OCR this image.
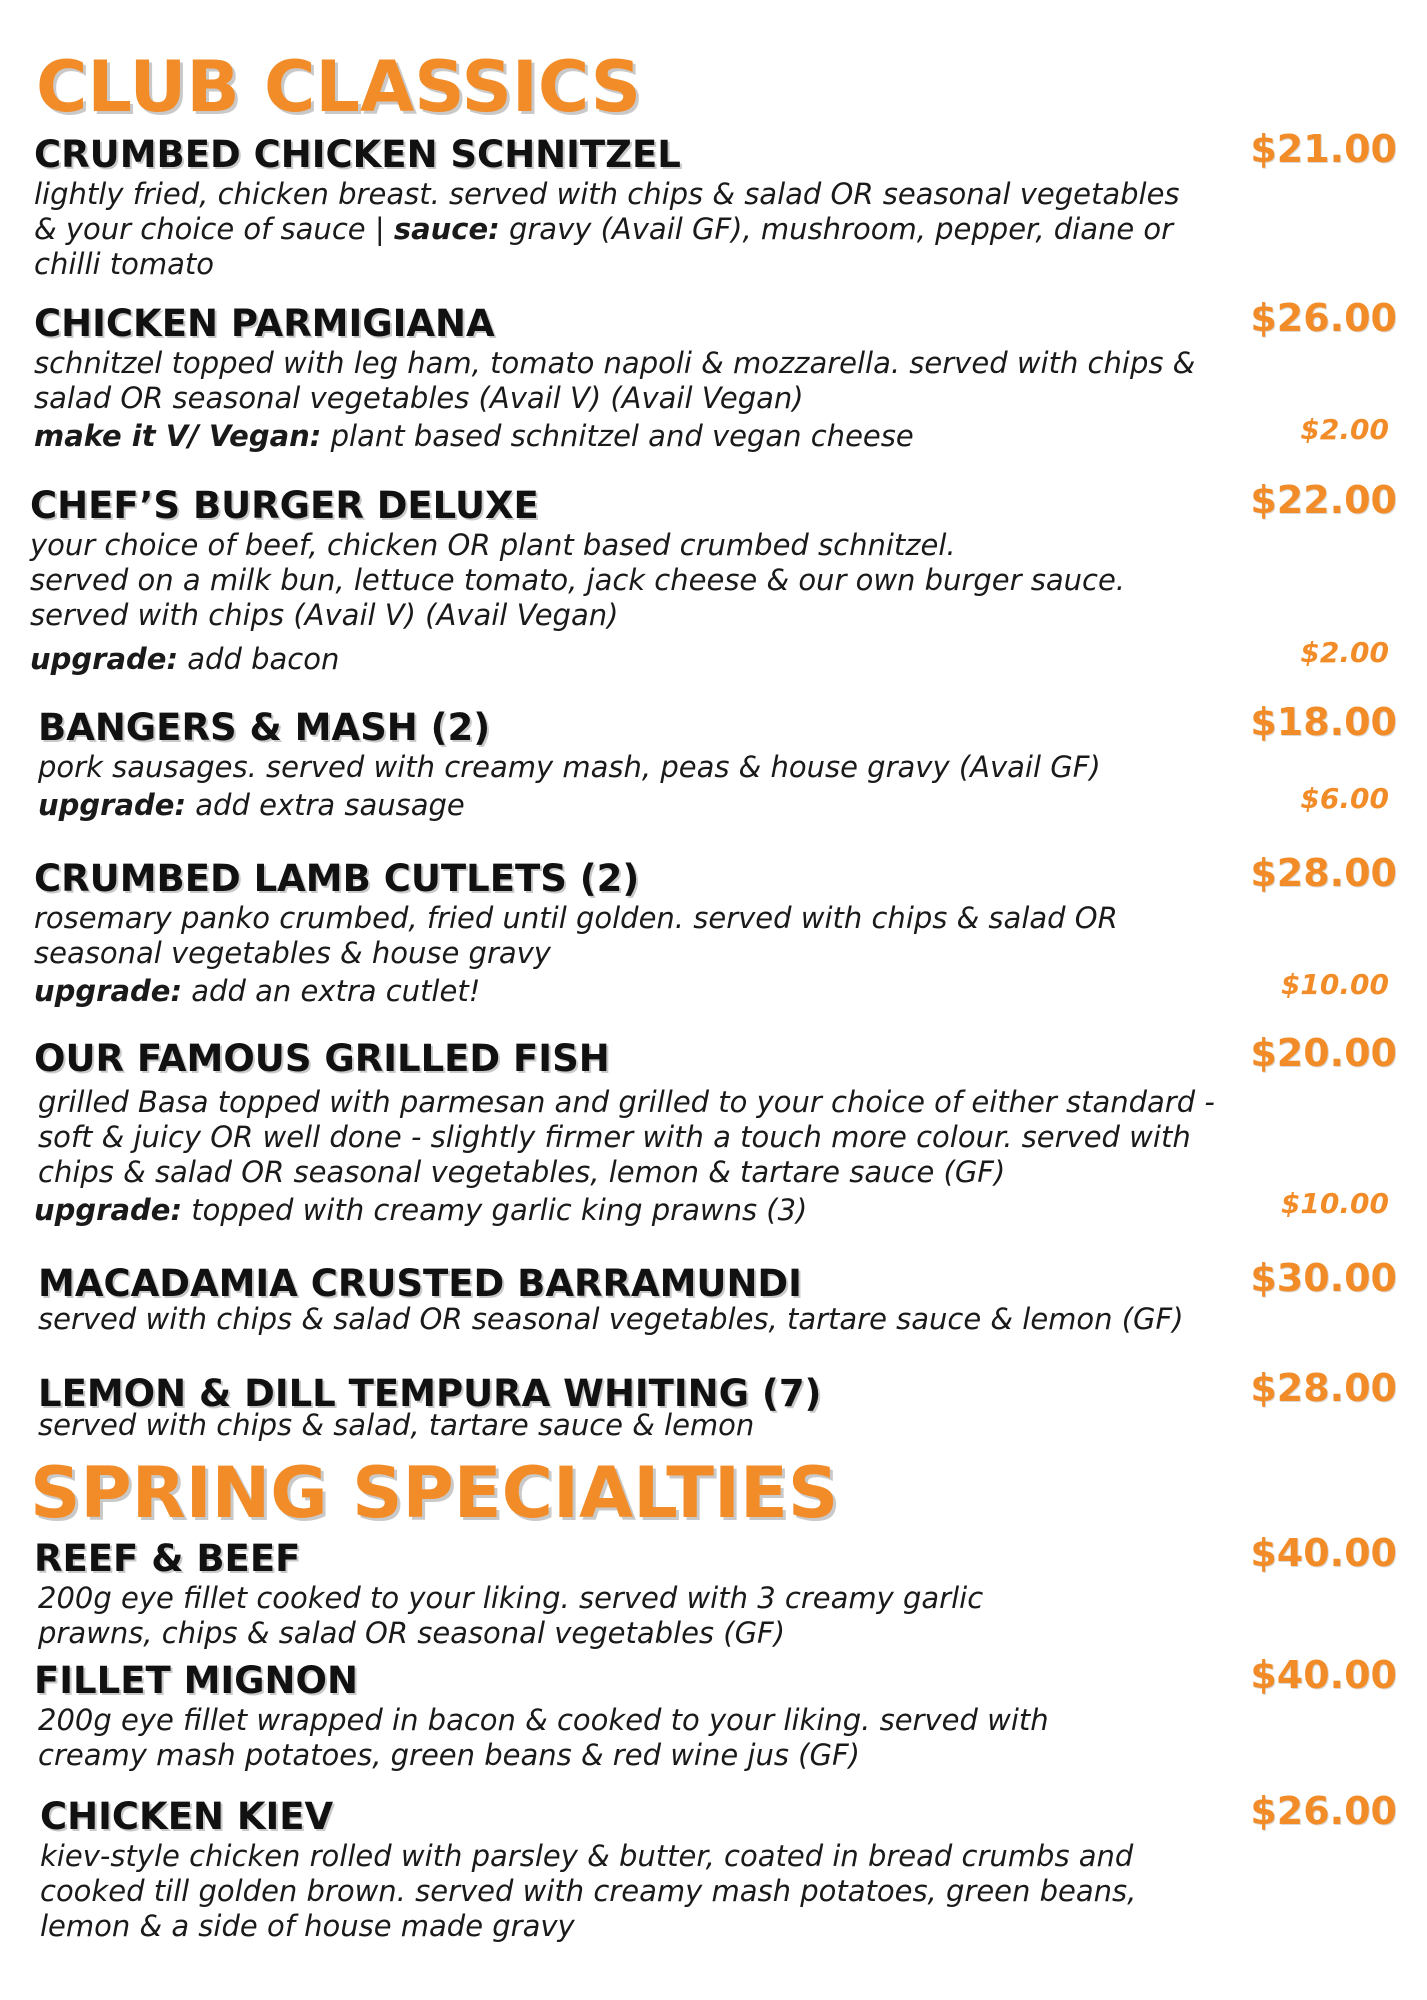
CLUB CLASSICS
CRUMBED CHICKEN SCHNITZEL	$21.00
lightly fried, chicken breast. served with chips & salad OR seasonal vegetables
& your choice of sauce | sauce: gravy (Avail GF), mushroom, pepper, diane or
chilli tomato
CHICKEN PARMIGIANA	$26.00
schnitzel topped with leg ham, tomato napoli & mozzarella. served with chips &
salad OR seasonal vegetables (Avail V) (Avail Vegan)
make it V/ Vegan: plant based schnitzel and vegan cheese	$2.00
CHEF’S BURGER DELUXE	$22.00
your choice of beef, chicken OR plant based crumbed schnitzel.
served on a milk bun, lettuce tomato, jack cheese & our own burger sauce.
served with chips (Avail V) (Avail Vegan)
upgrade: add bacon	$2.00
BANGERS & MASH (2)	$18.00
pork sausages. served with creamy mash, peas & house gravy (Avail GF)
upgrade: add extra sausage	$6.00
CRUMBED LAMB CUTLETS (2)	$28.00
rosemary panko crumbed, fried until golden. served with chips & salad OR
seasonal vegetables & house gravy
upgrade: add an extra cutlet!	$10.00
OUR FAMOUS GRILLED FISH	$20.00
grilled Basa topped with parmesan and grilled to your choice of either standard -
soft & juicy OR well done - slightly firmer with a touch more colour. served with
chips & salad OR seasonal vegetables, lemon & tartare sauce (GF)
upgrade: topped with creamy garlic king prawns (3)	$10.00
MACADAMIA CRUSTED BARRAMUNDI	$30.00
served with chips & salad OR seasonal vegetables, tartare sauce & lemon (GF)
LEMON & DILL TEMPURA WHITING (7)	$28.00
served with chips & salad, tartare sauce & lemon
SPRING SPECIALTIES
REEF & BEEF	$40.00
200g eye fillet cooked to your liking. served with 3 creamy garlic
prawns, chips & salad OR seasonal vegetables (GF)
FILLET MIGNON	$40.00
200g eye fillet wrapped in bacon & cooked to your liking. served with
creamy mash potatoes, green beans & red wine jus (GF)
CHICKEN KIEV	$26.00
kiev-style chicken rolled with parsley & butter, coated in bread crumbs and
cooked till golden brown. served with creamy mash potatoes, green beans,
lemon & a side of house made gravy
